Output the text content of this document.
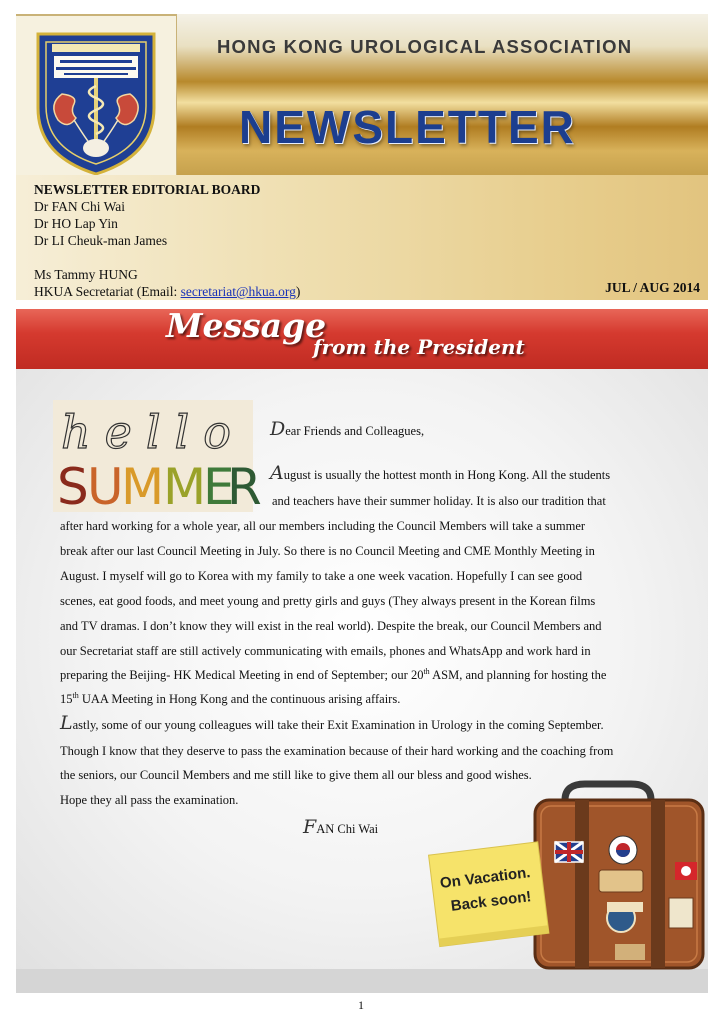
HONG KONG UROLOGICAL ASSOCIATION
NEWSLETTER
NEWSLETTER EDITORIAL BOARD
Dr FAN Chi Wai
Dr HO Lap Yin
Dr LI Cheuk-man James
Ms Tammy HUNG
HKUA Secretariat (Email: secretariat@hkua.org)	JUL / AUG 2014
Message
from the President
hello
S
U
M
M
E
R
Dear Friends and Colleagues,
August is usually the hottest month in Hong Kong. All the students
and teachers have their summer holiday. It is also our tradition that
after hard working for a whole year, all our members including the Council Members will take a summer
break after our last Council Meeting in July. So there is no Council Meeting and CME Monthly Meeting in
August. I myself will go to Korea with my family to take a one week vacation. Hopefully I can see good
scenes, eat good foods, and meet young and pretty girls and guys (They always present in the Korean films
and TV dramas. I don’t know they will exist in the real world). Despite the break, our Council Members and
our Secretariat staff are still actively communicating with emails, phones and WhatsApp and work hard in
preparing the Beijing- HK Medical Meeting in end of September; our 20th ASM, and planning for hosting the
15th UAA Meeting in Hong Kong and the continuous arising affairs.
Lastly, some of our young colleagues will take their Exit Examination in Urology in the coming September.
Though I know that they deserve to pass the examination because of their hard working and the coaching from
the seniors, our Council Members and me still like to give them all our bless and good wishes.
Hope they all pass the examination.
FAN Chi Wai
On Vacation.
Back soon!
1
